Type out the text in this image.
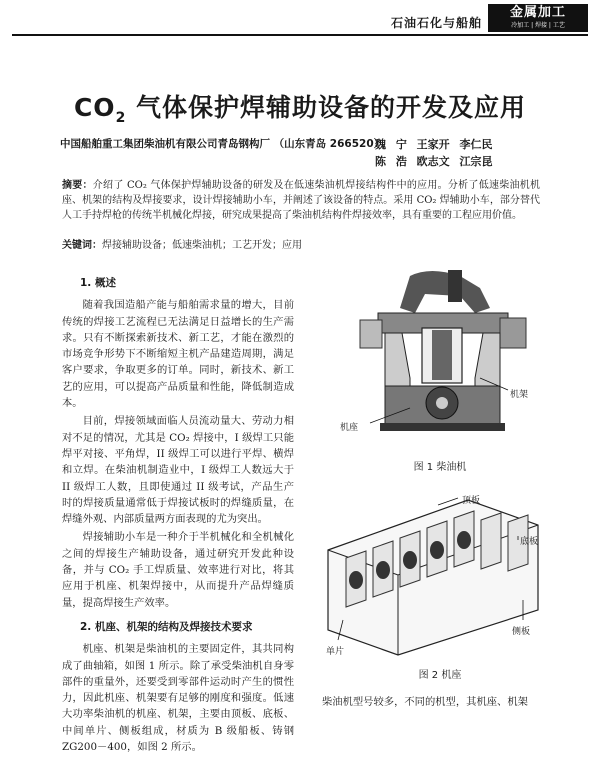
石油石化与船舶
金属加工
冷加工 | 焊接 | 工艺
$CO_2$ 气体保护焊辅助设备的开发及应用
中国船舶重工集团柴油机有限公司青岛钢构厂 （山东青岛 266520）
魏 宁 王家开 李仁民
陈 浩 欧志文 江宗昆
摘要：介绍了 CO₂ 气体保护焊辅助设备的研发及在低速柴油机焊接结构件中的应用。分析了低速柴油机机座、机架的结构及焊接要求，设计焊接辅助小车，并阐述了该设备的特点。采用 CO₂ 焊辅助小车，部分替代人工手持焊枪的传统半机械化焊接，研究成果提高了柴油机结构件焊接效率，具有重要的工程应用价值。
关键词：焊接辅助设备；低速柴油机；工艺开发；应用
1. 概述

随着我国造船产能与船舶需求量的增大，目前传统的焊接工艺流程已无法满足日益增长的生产需求。只有不断探索新技术、新工艺，才能在激烈的市场竞争形势下不断缩短主机产品建造周期，满足客户要求，争取更多的订单。同时，新技术、新工艺的应用，可以提高产品质量和性能，降低制造成本。

目前，焊接领域面临人员流动量大、劳动力相对不足的情况，尤其是 CO₂ 焊接中，I 级焊工只能焊平对接、平角焊，II 级焊工可以进行平焊、横焊和立焊。在柴油机制造业中，I 级焊工人数远大于 II 级焊工人数，且即使通过 II 级考试，产品生产时的焊接质量通常低于焊接试板时的焊缝质量，在焊缝外观、内部质量两方面表现的尤为突出。

焊接辅助小车是一种介于半机械化和全机械化之间的焊接生产辅助设备，通过研究开发此种设备，并与 CO₂ 手工焊质量、效率进行对比，将其应用于机座、机架焊接中，从而提升产品焊缝质量，提高焊接生产效率。

2. 机座、机架的结构及焊接技术要求

机座、机架是柴油机的主要固定件，其共同构成了曲轴箱，如图 1 所示。除了承受柴油机自身零部件的重量外，还要受到零部件运动时产生的惯性力，因此机座、机架要有足够的刚度和强度。低速大功率柴油机的机座、机架，主要由顶板、底板、中间单片、侧板组成，材质为 B 级船板、铸钢 ZG200－400，如图 2 所示。

机架
机座
图 1 柴油机
顶板
底板
侧板
单片
图 2 机座
柴油机型号较多，不同的机型，其机座、机架
